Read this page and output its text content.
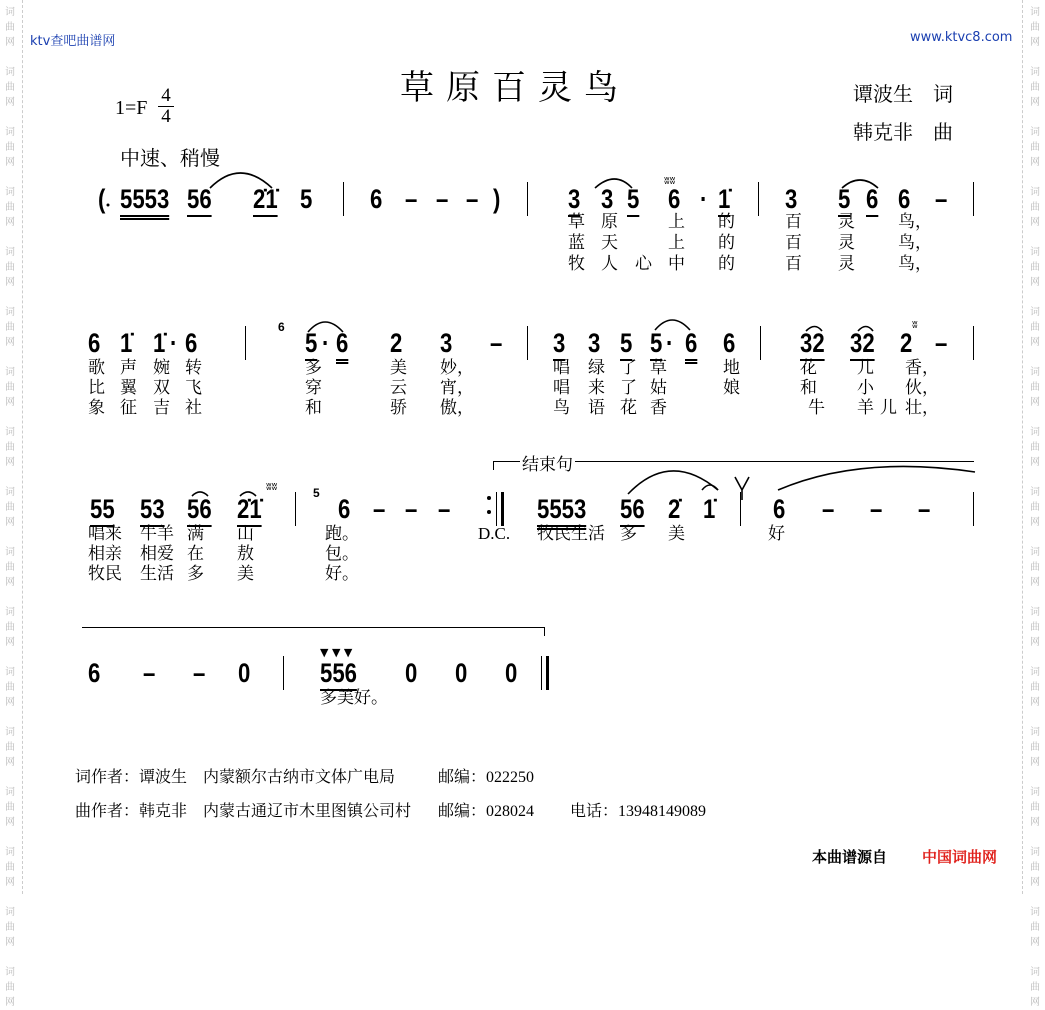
词曲网
词曲网
词曲网
词曲网
词曲网
词曲网
词曲网
词曲网
词曲网
词曲网
词曲网
词曲网
词曲网
词曲网
词曲网
词曲网
词曲网
词曲网
词曲网
词曲网
词曲网
词曲网
词曲网
词曲网
词曲网
词曲网
词曲网
词曲网
词曲网
词曲网
词曲网
词曲网
词曲网
词曲网
ktv查吧曲谱网	www.ktvc8.com
草原百灵鸟
$1=F \frac{4}{4}$
中速、稍慢
谭波生　词
韩克非　曲
( 5553 56 2̇1̇ 5 6 – – – )	3 3 5 6 · 1̇ 3 5 6 6 –
草 原	上 的	百 灵	鸟，
蓝 天	上 的	百 灵	鸟，
牧 人 心 中 的	百 灵	鸟，
6 1̇ 1̇ · 6	5 · 6 2 3 – 3 3 5 5 · 6 6 32 32 2 –
6
歌 声 婉 转	多	美 妙，	唱 绿 了 草	地	花 儿 香，
比 翼 双 飞	穿	云 宵，	唱 来 了 姑	娘	和 小 伙，
象 征 吉 社	和	骄 傲，	鸟 语 花 香	牛 羊 儿 壮，
55 53 56 2̇1̇	6 – – –	5553 56 2̇ 1̇ 6 – – –
5
唱来 牛羊 满 山	跑。	D.C. 牧民生活 多 美	好
相亲 相爱 在 敖	包。
牧民 生活 多 美	好。
6 – – 0	556 0 0 0
多美好。
结束句
ʬʬ
ʬ
ʬʬ
▼ ▼ ▼
词作者：谭波生　内蒙额尔古纳市文体广电局	邮编：022250
曲作者：韩克非　内蒙古通辽市木里图镇公司村 邮编：028024 电话：13948149089
本曲谱源自 中国词曲网
